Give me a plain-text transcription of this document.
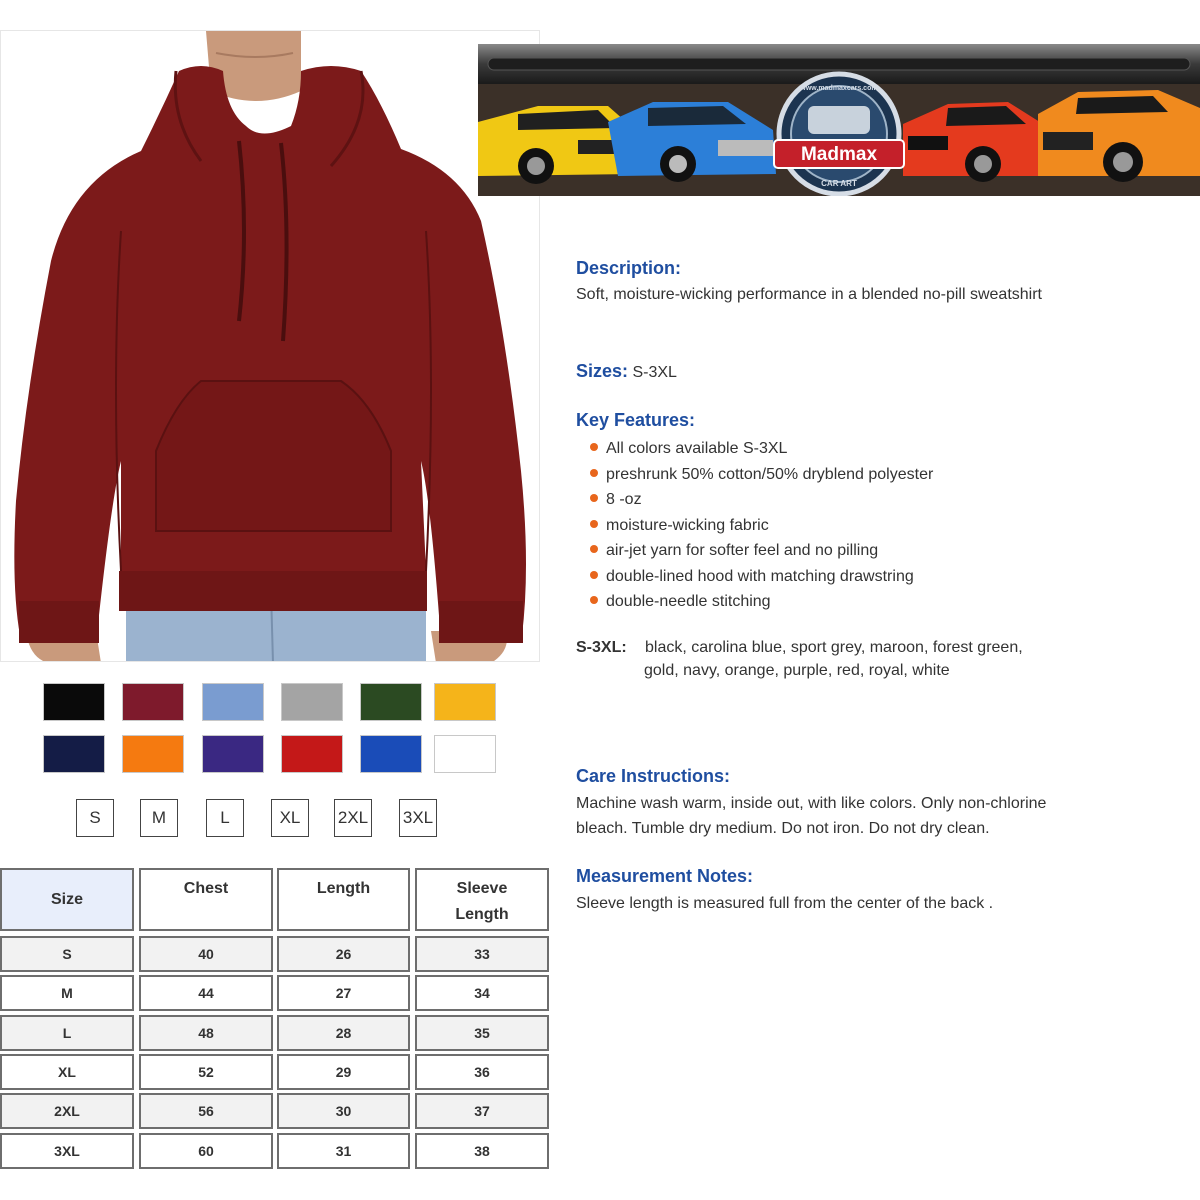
Madmax
www.madmaxcars.com
CAR ART
S	M	L	XL	2XL 3XL
Size
Chest	Length	Sleeve Length
S	40	26	33
M	44	27	34
L	48	28	35
XL	52	29	36
2XL	56	30	37
3XL	60	31	38
Description:
Soft, moisture-wicking performance in a blended no-pill sweatshirt
Sizes: S-3XL
Key Features:
All colors available S-3XL
preshrunk 50% cotton/50% dryblend polyester
8 -oz
moisture-wicking fabric
air-jet yarn for softer feel and no pilling
double-lined hood with matching drawstring
double-needle stitching
S-3XL: black, carolina blue, sport grey, maroon, forest green,
gold, navy, orange, purple, red, royal, white
Care Instructions:
Machine wash warm, inside out, with like colors. Only non-chlorine
bleach. Tumble dry medium. Do not iron. Do not dry clean.
Measurement Notes:
Sleeve length is measured full from the center of the back .
